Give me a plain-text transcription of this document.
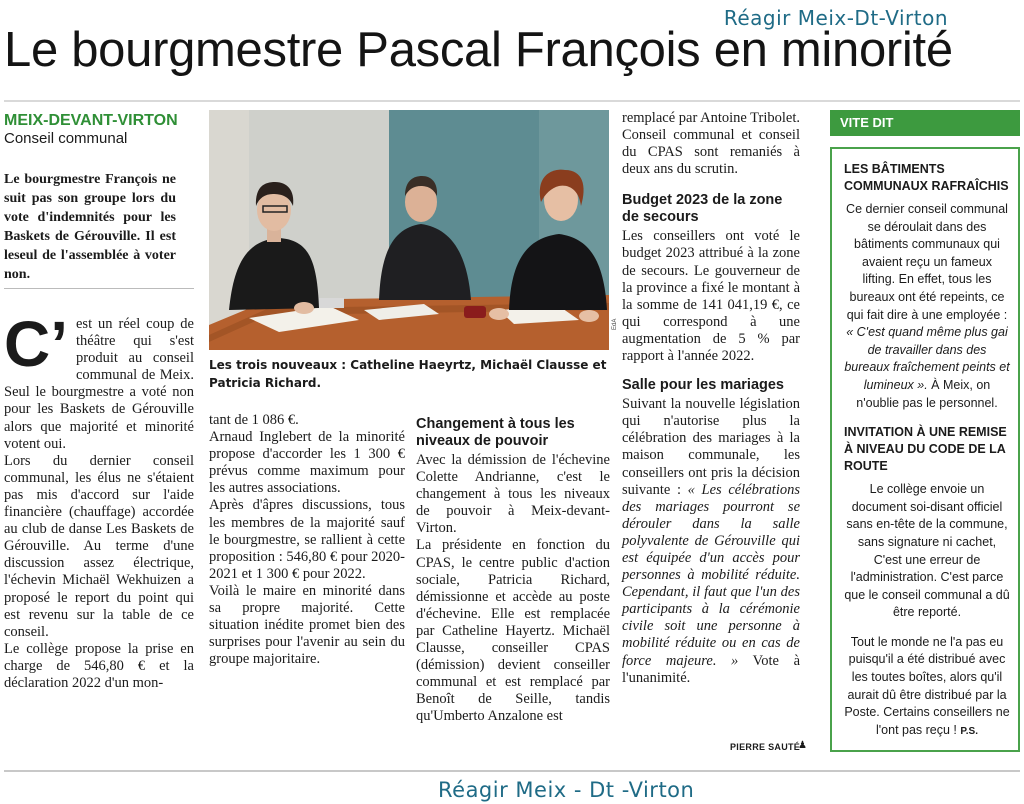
Réagir Meix-Dt-Virton
Le bourgmestre Pascal François en minorité
MEIX-DEVANT-VIRTON
Conseil communal
Le bourgmestre François ne suit pas son groupe lors du vote d'indemnités pour les Baskets de Gérouville. Il est leseul de l'assemblée à voter non.
C’ est un réel coup de théâtre qui s'est produit au conseil communal de Meix. Seul le bourgmestre a voté non pour les Baskets de Gérouville alors que majorité et minorité votent oui.

Lors du dernier conseil communal, les élus ne s'étaient pas mis d'accord sur l'aide financière (chauffage) accordée au club de danse Les Baskets de Gérouville. Au terme d'une discussion assez électrique, l'échevin Michaël Wekhuizen a proposé le report du point qui est revenu sur la table de ce conseil.

Le collège propose la prise en charge de 546,80 € et la déclaration 2022 d'un mon-

EdA
Les trois nouveaux : Catheline Haeyrtz, Michaël Clausse et Patricia Richard.

tant de 1 086 €.

Arnaud Inglebert de la minorité propose d'accorder les 1 300 € prévus comme maximum pour les autres associations.

Après d'âpres discussions, tous les membres de la majorité sauf le bourgmestre, se rallient à cette proposition : 546,80 € pour 2020-2021 et 1 300 € pour 2022.

Voilà le maire en minorité dans sa propre majorité. Cette situation inédite promet bien des surprises pour l'avenir au sein du groupe majoritaire.

Changement à tous les niveaux de pouvoir

Avec la démission de l'échevine Colette Andrianne, c'est le changement à tous les niveaux de pouvoir à Meix-devant-Virton.

La présidente en fonction du CPAS, le centre public d'action sociale, Patricia Richard, démissionne et accède au poste d'échevine. Elle est remplacée par Catheline Hayertz. Michaël Clausse, conseiller CPAS (démission) devient conseiller communal et est remplacé par Benoît de Seille, tandis qu'Umberto Anzalone est

remplacé par Antoine Tribolet. Conseil communal et conseil du CPAS sont remaniés à deux ans du scrutin.

Budget 2023 de la zone de secours

Les conseillers ont voté le budget 2023 attribué à la zone de secours. Le gouverneur de la province a fixé le montant à la somme de 141 041,19 €, ce qui correspond à une augmentation de 5 % par rapport à l'année 2022.

Salle pour les mariages

Suivant la nouvelle législation qui n'autorise plus la célébration des mariages à la maison communale, les conseillers ont pris la décision suivante : « Les célébrations des mariages pourront se dérouler dans la salle polyvalente de Gérouville qui est équipée d'un accès pour personnes à mobilité réduite. Cependant, il faut que l'un des participants à la cérémonie civile soit une personne à mobilité réduite ou en cas de force majeure. » Vote à l'unanimité.

PIERRE SAUTÉ
♟
VITE DIT
LES BÂTIMENTS COMMUNAUX RAFRAÎCHIS
Ce dernier conseil communal se déroulait dans des bâtiments communaux qui avaient reçu un fameux lifting. En effet, tous les bureaux ont été repeints, ce qui fait dire à une employée : « C'est quand même plus gai de travailler dans des bureaux fraîchement peints et lumineux ». À Meix, on n'oublie pas le personnel.
INVITATION À UNE REMISE À NIVEAU DU CODE DE LA ROUTE
Le collège envoie un document soi-disant officiel sans en-tête de la commune, sans signature ni cachet, C'est une erreur de l'administration. C'est parce que le conseil communal a dû être reporté.
Tout le monde ne l'a pas eu puisqu'il a été distribué avec les toutes boîtes, alors qu'il aurait dû être distribué par la Poste. Certains conseillers ne l'ont pas reçu ! P.S.
Réagir Meix - Dt -Virton
